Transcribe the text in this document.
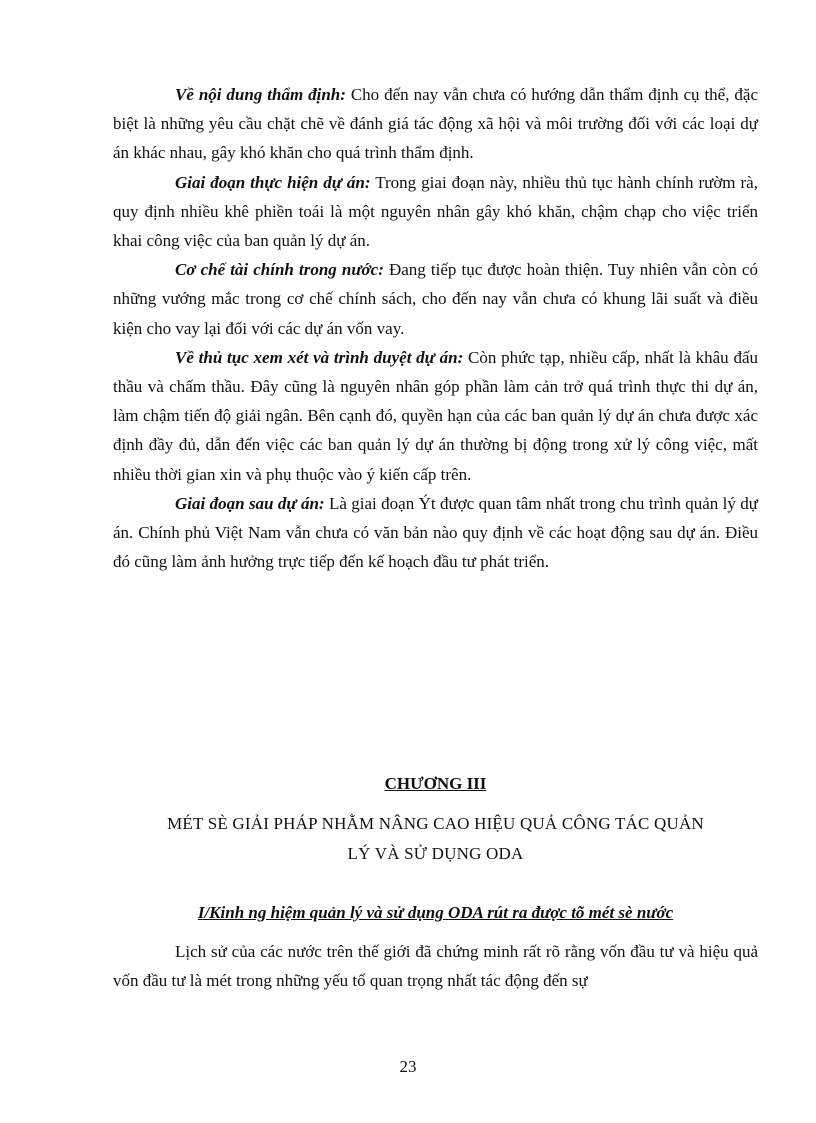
Về nội dung thẩm định: Cho đến nay vẫn chưa có hướng dẫn thẩm định cụ thể, đặc biệt là những yêu cầu chặt chẽ về đánh giá tác động xã hội và môi trường đối với các loại dự án khác nhau, gây khó khăn cho quá trình thẩm định.

Giai đoạn thực hiện dự án: Trong giai đoạn này, nhiều thủ tục hành chính rườm rà, quy định nhiều khê phiền toái là một nguyên nhân gây khó khăn, chậm chạp cho việc triển khai công việc của ban quản lý dự án.

Cơ chế tài chính trong nước: Đang tiếp tục được hoàn thiện. Tuy nhiên vẫn còn có những vướng mắc trong cơ chế chính sách, cho đến nay vẫn chưa có khung lãi suất và điều kiện cho vay lại đối với các dự án vốn vay.

Về thủ tục xem xét và trình duyệt dự án: Còn phức tạp, nhiều cấp, nhất là khâu đấu thầu và chấm thầu. Đây cũng là nguyên nhân góp phần làm cản trở quá trình thực thi dự án, làm chậm tiến độ giải ngân. Bên cạnh đó, quyền hạn của các ban quản lý dự án chưa được xác định đầy đủ, dẫn đến việc các ban quản lý dự án thường bị động trong xử lý công việc, mất nhiều thời gian xin và phụ thuộc vào ý kiến cấp trên.

Giai đoạn sau dự án: Là giai đoạn Ýt được quan tâm nhất trong chu trình quản lý dự án. Chính phủ Việt Nam vẫn chưa có văn bản nào quy định về các hoạt động sau dự án. Điều đó cũng làm ảnh hưởng trực tiếp đến kế hoạch đầu tư phát triển.

CHƯƠNG III
MÉT SÈ GIẢI PHÁP NHẰM NÂNG CAO HIỆU QUẢ CÔNG TÁC QUẢN
LÝ VÀ SỬ DỤNG ODA
I/Kinh ng hiệm quản lý và sử dụng ODA rút ra được tõ mét sè nước

Lịch sử của các nước trên thế giới đã chứng minh rất rõ rằng vốn đầu tư và hiệu quả vốn đầu tư là mét trong những yếu tố quan trọng nhất tác động đến sự

23
